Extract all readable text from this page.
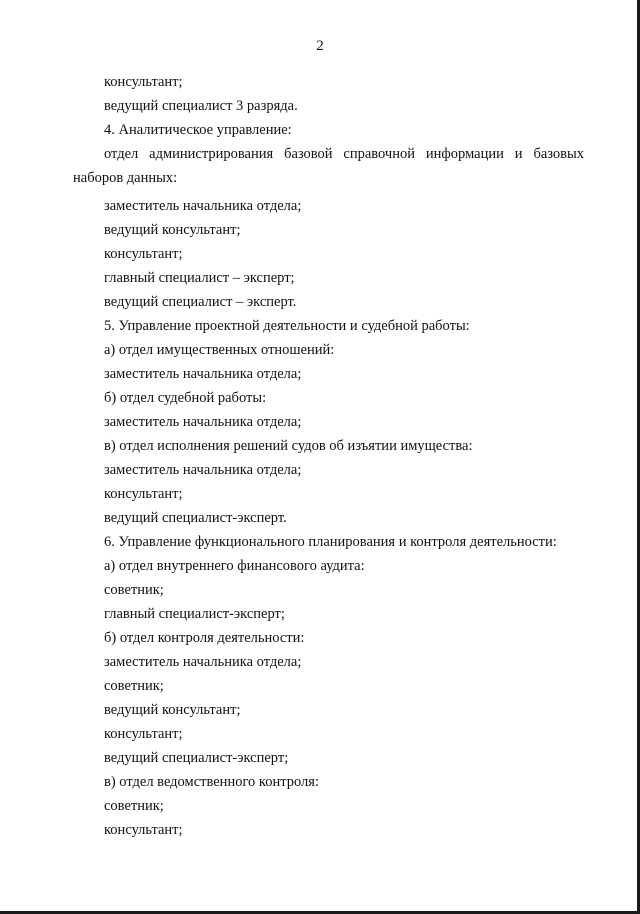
2
консультант;
ведущий специалист 3 разряда.
4. Аналитическое управление:
отдел администрирования базовой справочной информации и базовых
наборов данных:
заместитель начальника отдела;
ведущий консультант;
консультант;
главный специалист – эксперт;
ведущий специалист – эксперт.
5. Управление проектной деятельности и судебной работы:
а) отдел имущественных отношений:
заместитель начальника отдела;
б) отдел судебной работы:
заместитель начальника отдела;
в) отдел исполнения решений судов об изъятии имущества:
заместитель начальника отдела;
консультант;
ведущий специалист-эксперт.
6. Управление функционального планирования и контроля деятельности:
а) отдел внутреннего финансового аудита:
советник;
главный специалист-эксперт;
б) отдел контроля деятельности:
заместитель начальника отдела;
советник;
ведущий консультант;
консультант;
ведущий специалист-эксперт;
в) отдел ведомственного контроля:
советник;
консультант;
